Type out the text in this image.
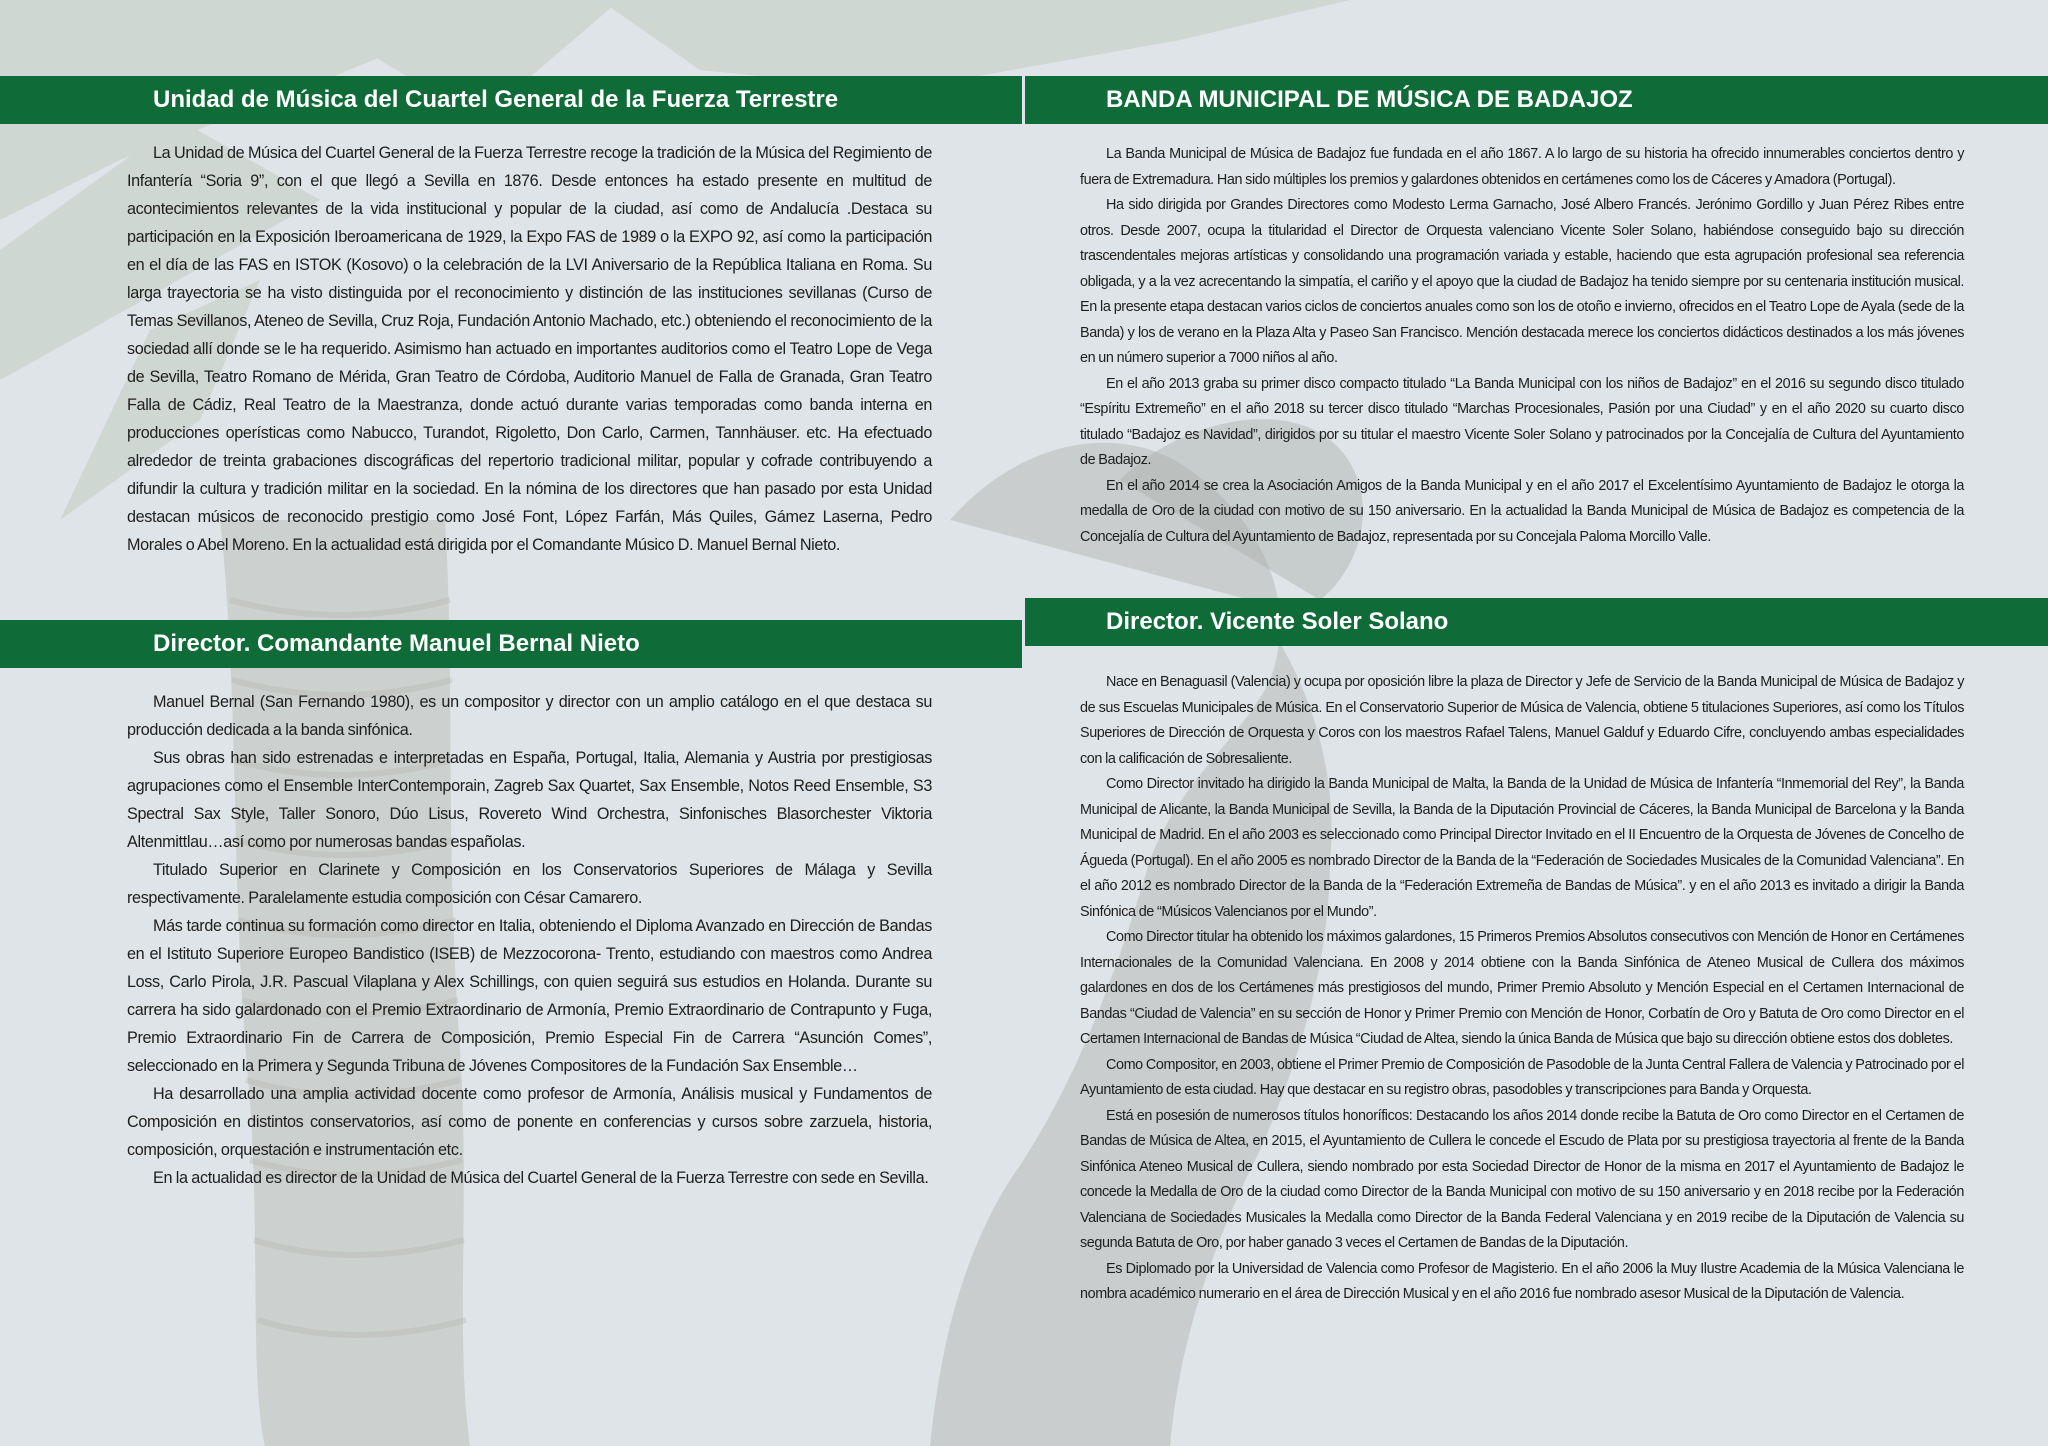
Unidad de Música del Cuartel General de la Fuerza Terrestre

La Unidad de Música del Cuartel General de la Fuerza Terrestre recoge la tradición de la Música del Regimiento de Infantería “Soria 9”, con el que llegó a Sevilla en 1876. Desde entonces ha estado presente en multitud de acontecimientos relevantes de la vida institucional y popular de la ciudad, así como de Andalucía .Destaca su participación en la Exposición Iberoamericana de 1929, la Expo FAS de 1989 o la EXPO 92, así como la participación en el día de las FAS en ISTOK (Kosovo) o la celebración de la LVI Aniversario de la República Italiana en Roma. Su larga trayectoria se ha visto distinguida por el reconocimiento y distinción de las instituciones sevillanas (Curso de Temas Sevillanos, Ateneo de Sevilla, Cruz Roja, Fundación Antonio Machado, etc.) obteniendo el reconocimiento de la sociedad allí donde se le ha requerido. Asimismo han actuado en importantes auditorios como el Teatro Lope de Vega de Sevilla, Teatro Romano de Mérida, Gran Teatro de Córdoba, Auditorio Manuel de Falla de Granada, Gran Teatro Falla de Cádiz, Real Teatro de la Maestranza, donde actuó durante varias temporadas como banda interna en producciones operísticas como Nabucco, Turandot, Rigoletto, Don Carlo, Carmen, Tannhäuser. etc. Ha efectuado alrededor de treinta grabaciones discográficas del repertorio tradicional militar, popular y cofrade contribuyendo a difundir la cultura y tradición militar en la sociedad. En la nómina de los directores que han pasado por esta Unidad destacan músicos de reconocido prestigio como José Font, López Farfán, Más Quiles, Gámez Laserna, Pedro Morales o Abel Moreno. En la actualidad está dirigida por el Comandante Músico D. Manuel Bernal Nieto.

Director. Comandante Manuel Bernal Nieto

Manuel Bernal (San Fernando 1980), es un compositor y director con un amplio catálogo en el que destaca su producción dedicada a la banda sinfónica.

Sus obras han sido estrenadas e interpretadas en España, Portugal, Italia, Alemania y Austria por prestigiosas agrupaciones como el Ensemble InterContemporain, Zagreb Sax Quartet, Sax Ensemble, Notos Reed Ensemble, S3 Spectral Sax Style, Taller Sonoro, Dúo Lisus, Rovereto Wind Orchestra, Sinfonisches Blasorchester Viktoria Altenmittlau…así como por numerosas bandas españolas.

Titulado Superior en Clarinete y Composición en los Conservatorios Superiores de Málaga y Sevilla respectivamente. Paralelamente estudia composición con César Camarero.

Más tarde continua su formación como director en Italia, obteniendo el Diploma Avanzado en Dirección de Bandas en el Istituto Superiore Europeo Bandistico (ISEB) de Mezzocorona- Trento, estudiando con maestros como Andrea Loss, Carlo Pirola, J.R. Pascual Vilaplana y Alex Schillings, con quien seguirá sus estudios en Holanda. Durante su carrera ha sido galardonado con el Premio Extraordinario de Armonía, Premio Extraordinario de Contrapunto y Fuga, Premio Extraordinario Fin de Carrera de Composición, Premio Especial Fin de Carrera “Asunción Comes”, seleccionado en la Primera y Segunda Tribuna de Jóvenes Compositores de la Fundación Sax Ensemble…

Ha desarrollado una amplia actividad docente como profesor de Armonía, Análisis musical y Fundamentos de Composición en distintos conservatorios, así como de ponente en conferencias y cursos sobre zarzuela, historia, composición, orquestación e instrumentación etc.

En la actualidad es director de la Unidad de Música del Cuartel General de la Fuerza Terrestre con sede en Sevilla.

BANDA MUNICIPAL DE MÚSICA DE BADAJOZ

La Banda Municipal de Música de Badajoz fue fundada en el año 1867. A lo largo de su historia ha ofrecido innumerables conciertos dentro y fuera de Extremadura. Han sido múltiples los premios y galardones obtenidos en certámenes como los de Cáceres y Amadora (Portugal).

Ha sido dirigida por Grandes Directores como Modesto Lerma Garnacho, José Albero Francés. Jerónimo Gordillo y Juan Pérez Ribes entre otros. Desde 2007, ocupa la titularidad el Director de Orquesta valenciano Vicente Soler Solano, habiéndose conseguido bajo su dirección trascendentales mejoras artísticas y consolidando una programación variada y estable, haciendo que esta agrupación profesional sea referencia obligada, y a la vez acrecentando la simpatía, el cariño y el apoyo que la ciudad de Badajoz ha tenido siempre por su centenaria institución musical. En la presente etapa destacan varios ciclos de conciertos anuales como son los de otoño e invierno, ofrecidos en el Teatro Lope de Ayala (sede de la Banda) y los de verano en la Plaza Alta y Paseo San Francisco. Mención destacada merece los conciertos didácticos destinados a los más jóvenes en un número superior a 7000 niños al año.

En el año 2013 graba su primer disco compacto titulado “La Banda Municipal con los niños de Badajoz” en el 2016 su segundo disco titulado “Espíritu Extremeño” en el año 2018 su tercer disco titulado “Marchas Procesionales, Pasión por una Ciudad” y en el año 2020 su cuarto disco titulado “Badajoz es Navidad”, dirigidos por su titular el maestro Vicente Soler Solano y patrocinados por la Concejalía de Cultura del Ayuntamiento de Badajoz.

En el año 2014 se crea la Asociación Amigos de la Banda Municipal y en el año 2017 el Excelentísimo Ayuntamiento de Badajoz le otorga la medalla de Oro de la ciudad con motivo de su 150 aniversario. En la actualidad la Banda Municipal de Música de Badajoz es competencia de la Concejalía de Cultura del Ayuntamiento de Badajoz, representada por su Concejala Paloma Morcillo Valle.

Director. Vicente Soler Solano

Nace en Benaguasil (Valencia) y ocupa por oposición libre la plaza de Director y Jefe de Servicio de la Banda Municipal de Música de Badajoz y de sus Escuelas Municipales de Música. En el Conservatorio Superior de Música de Valencia, obtiene 5 titulaciones Superiores, así como los Títulos Superiores de Dirección de Orquesta y Coros con los maestros Rafael Talens, Manuel Galduf y Eduardo Cifre, concluyendo ambas especialidades con la calificación de Sobresaliente.

Como Director invitado ha dirigido la Banda Municipal de Malta, la Banda de la Unidad de Música de Infantería “Inmemorial del Rey”, la Banda Municipal de Alicante, la Banda Municipal de Sevilla, la Banda de la Diputación Provincial de Cáceres, la Banda Municipal de Barcelona y la Banda Municipal de Madrid. En el año 2003 es seleccionado como Principal Director Invitado en el II Encuentro de la Orquesta de Jóvenes de Concelho de Águeda (Portugal). En el año 2005 es nombrado Director de la Banda de la “Federación de Sociedades Musicales de la Comunidad Valenciana”. En el año 2012 es nombrado Director de la Banda de la “Federación Extremeña de Bandas de Música”. y en el año 2013 es invitado a dirigir la Banda Sinfónica de “Músicos Valencianos por el Mundo”.

Como Director titular ha obtenido los máximos galardones, 15 Primeros Premios Absolutos consecutivos con Mención de Honor en Certámenes Internacionales de la Comunidad Valenciana. En 2008 y 2014 obtiene con la Banda Sinfónica de Ateneo Musical de Cullera dos máximos galardones en dos de los Certámenes más prestigiosos del mundo, Primer Premio Absoluto y Mención Especial en el Certamen Internacional de Bandas “Ciudad de Valencia” en su sección de Honor y Primer Premio con Mención de Honor, Corbatín de Oro y Batuta de Oro como Director en el Certamen Internacional de Bandas de Música “Ciudad de Altea, siendo la única Banda de Música que bajo su dirección obtiene estos dos dobletes.

Como Compositor, en 2003, obtiene el Primer Premio de Composición de Pasodoble de la Junta Central Fallera de Valencia y Patrocinado por el Ayuntamiento de esta ciudad. Hay que destacar en su registro obras, pasodobles y transcripciones para Banda y Orquesta.

Está en posesión de numerosos títulos honoríficos: Destacando los años 2014 donde recibe la Batuta de Oro como Director en el Certamen de Bandas de Música de Altea, en 2015, el Ayuntamiento de Cullera le concede el Escudo de Plata por su prestigiosa trayectoria al frente de la Banda Sinfónica Ateneo Musical de Cullera, siendo nombrado por esta Sociedad Director de Honor de la misma en 2017 el Ayuntamiento de Badajoz le concede la Medalla de Oro de la ciudad como Director de la Banda Municipal con motivo de su 150 aniversario y en 2018 recibe por la Federación Valenciana de Sociedades Musicales la Medalla como Director de la Banda Federal Valenciana y en 2019 recibe de la Diputación de Valencia su segunda Batuta de Oro, por haber ganado 3 veces el Certamen de Bandas de la Diputación.

Es Diplomado por la Universidad de Valencia como Profesor de Magisterio. En el año 2006 la Muy Ilustre Academia de la Música Valenciana le nombra académico numerario en el área de Dirección Musical y en el año 2016 fue nombrado asesor Musical de la Diputación de Valencia.
